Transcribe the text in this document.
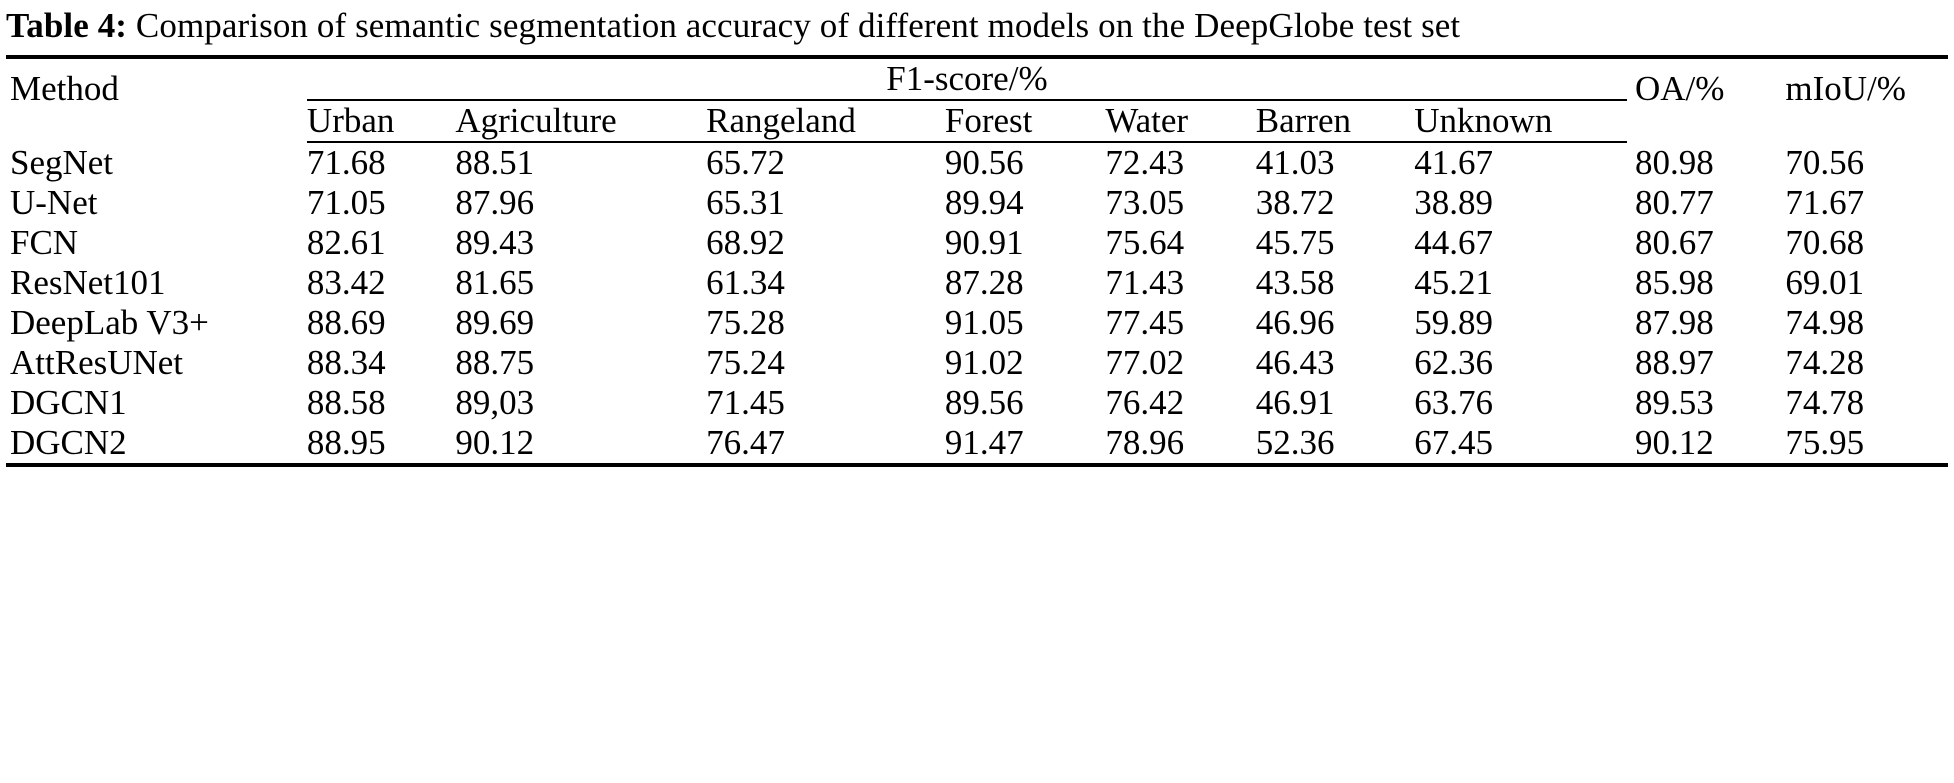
Table 4: Comparison of semantic segmentation accuracy of different models on the DeepGlobe test set
Method	F1-score/%							OA/%	mIoU/%
	Urban	Agriculture	Rangeland	Forest	Water	Barren	Unknown		
SegNet	71.68	88.51	65.72	90.56	72.43	41.03	41.67	80.98	70.56
U-Net	71.05	87.96	65.31	89.94	73.05	38.72	38.89	80.77	71.67
FCN	82.61	89.43	68.92	90.91	75.64	45.75	44.67	80.67	70.68
ResNet101	83.42	81.65	61.34	87.28	71.43	43.58	45.21	85.98	69.01
DeepLab V3+	88.69	89.69	75.28	91.05	77.45	46.96	59.89	87.98	74.98
AttResUNet	88.34	88.75	75.24	91.02	77.02	46.43	62.36	88.97	74.28
DGCN1	88.58	89,03	71.45	89.56	76.42	46.91	63.76	89.53	74.78
DGCN2	88.95	90.12	76.47	91.47	78.96	52.36	67.45	90.12	75.95
